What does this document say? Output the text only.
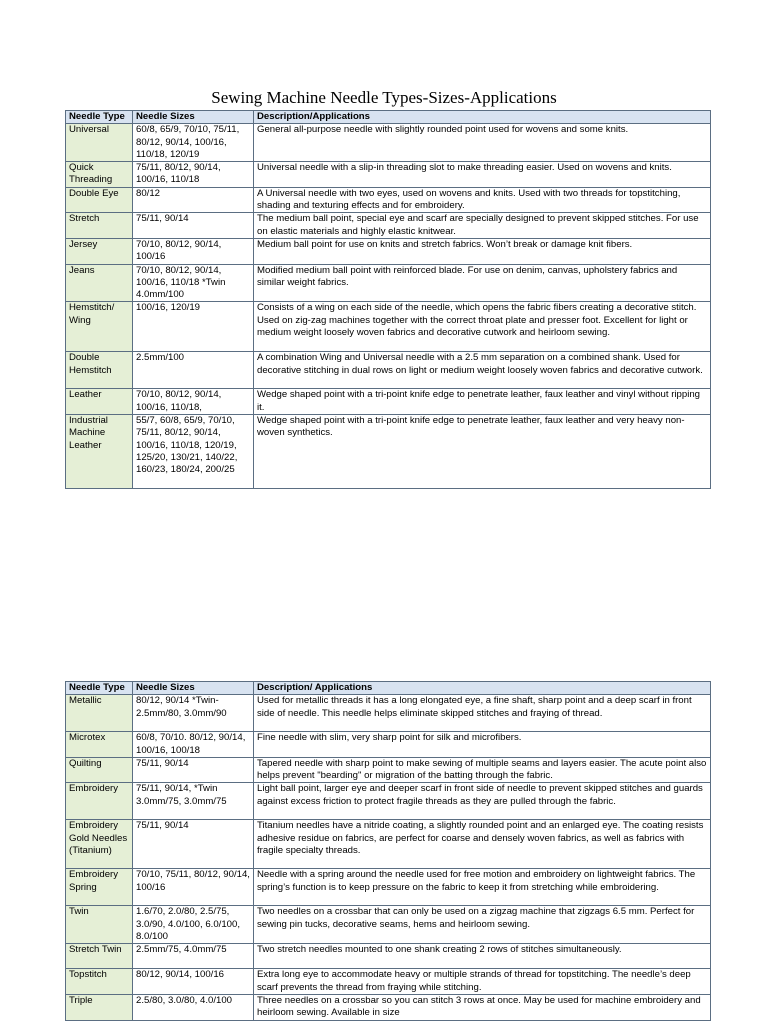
Sewing Machine Needle Types-Sizes-Applications
Needle Type	Needle Sizes	Description/Applications
Universal	60/8, 65/9, 70/10, 75/11, 80/12, 90/14, 100/16, 110/18, 120/19	General all-purpose needle with slightly rounded point used for wovens and some knits.
Quick Threading	75/11, 80/12, 90/14, 100/16, 110/18	Universal needle with a slip-in threading slot to make threading easier. Used on wovens and knits.
Double Eye	80/12	A Universal needle with two eyes, used on wovens and knits. Used with two threads for topstitching, shading and texturing effects and for embroidery.
Stretch	75/11, 90/14	The medium ball point, special eye and scarf are specially designed to prevent skipped stitches. For use on elastic materials and highly elastic knitwear.
Jersey	70/10, 80/12, 90/14, 100/16	Medium ball point for use on knits and stretch fabrics. Won’t break or damage knit fibers.
Jeans	70/10, 80/12, 90/14, 100/16, 110/18 *Twin 4.0mm/100	Modified medium ball point with reinforced blade. For use on denim, canvas, upholstery fabrics and similar weight fabrics.
Hemstitch/ Wing	100/16, 120/19	Consists of a wing on each side of the needle, which opens the fabric fibers creating a decorative stitch. Used on zig-zag machines together with the correct throat plate and presser foot. Excellent for light or medium weight loosely woven fabrics and decorative cutwork and heirloom sewing.
Double Hemstitch	2.5mm/100	A combination Wing and Universal needle with a 2.5 mm separation on a combined shank. Used for decorative stitching in dual rows on light or medium weight loosely woven fabrics and decorative cutwork.
Leather	70/10, 80/12, 90/14, 100/16, 110/18,	Wedge shaped point with a tri-point knife edge to penetrate leather, faux leather and vinyl without ripping it.
Industrial Machine Leather	55/7, 60/8, 65/9, 70/10, 75/11, 80/12, 90/14, 100/16, 110/18, 120/19, 125/20, 130/21, 140/22, 160/23, 180/24, 200/25	Wedge shaped point with a tri-point knife edge to penetrate leather, faux leather and very heavy non-woven synthetics.
Needle Type	Needle Sizes	Description/ Applications
Metallic	80/12, 90/14 *Twin- 2.5mm/80, 3.0mm/90	Used for metallic threads it has a long elongated eye, a fine shaft, sharp point and a deep scarf in front side of needle. This needle helps eliminate skipped stitches and fraying of thread.
Microtex	60/8, 70/10. 80/12, 90/14, 100/16, 100/18	Fine needle with slim, very sharp point for silk and microfibers.
Quilting	75/11, 90/14	Tapered needle with sharp point to make sewing of multiple seams and layers easier. The acute point also helps prevent "bearding" or migration of the batting through the fabric.
Embroidery	75/11, 90/14, *Twin 3.0mm/75, 3.0mm/75	Light ball point, larger eye and deeper scarf in front side of needle to prevent skipped stitches and guards against excess friction to protect fragile threads as they are pulled through the fabric.
Embroidery Gold Needles (Titanium)	75/11, 90/14	Titanium needles have a nitride coating, a slightly rounded point and an enlarged eye. The coating resists adhesive residue on fabrics, are perfect for coarse and densely woven fabrics, as well as fabrics with fragile specialty threads.
Embroidery Spring	70/10, 75/11, 80/12, 90/14, 100/16	Needle with a spring around the needle used for free motion and embroidery on lightweight fabrics. The spring’s function is to keep pressure on the fabric to keep it from stretching while embroidering.
Twin	1.6/70, 2.0/80, 2.5/75, 3.0/90, 4.0/100, 6.0/100, 8.0/100	Two needles on a crossbar that can only be used on a zigzag machine that zigzags 6.5 mm. Perfect for sewing pin tucks, decorative seams, hems and heirloom sewing.
Stretch Twin	2.5mm/75, 4.0mm/75	Two stretch needles mounted to one shank creating 2 rows of stitches simultaneously.
Topstitch	80/12, 90/14, 100/16	Extra long eye to accommodate heavy or multiple strands of thread for topstitching. The needle’s deep scarf prevents the thread from fraying while stitching.
Triple	2.5/80, 3.0/80, 4.0/100	Three needles on a crossbar so you can stitch 3 rows at once. May be used for machine embroidery and heirloom sewing. Available in size
